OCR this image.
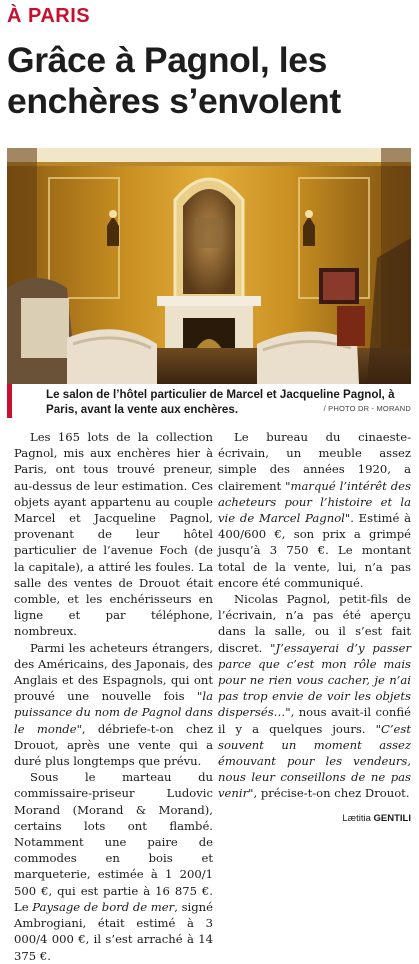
À PARIS
Grâce à Pagnol, les enchères s’envolent
Le salon de l’hôtel particulier de Marcel et Jacqueline Pagnol, à Paris, avant la vente aux enchères.	/ PHOTO DR - MORAND

Les 165 lots de la collection Pagnol, mis aux enchères hier à Paris, ont tous trouvé preneur, au-dessus de leur estimation. Ces objets ayant appartenu au couple Marcel et Jacqueline Pagnol, provenant de leur hôtel particulier de l’avenue Foch (de la capitale), a attiré les foules. La salle des ventes de Drouot était comble, et les enchérisseurs en ligne et par téléphone, nombreux.

Parmi les acheteurs étrangers, des Américains, des Japonais, des Anglais et des Espagnols, qui ont prouvé une nouvelle fois "la puissance du nom de Pagnol dans le monde", débriefe-t-on chez Drouot, après une vente qui a duré plus longtemps que prévu.

Sous le marteau du commissaire-priseur Ludovic Morand (Morand & Morand), certains lots ont flambé. Notamment une paire de commodes en bois et marqueterie, estimée à 1 200/1 500 €, qui est partie à 16 875 €. Le Paysage de bord de mer, signé Ambrogiani, était estimé à 3 000/4 000 €, il s’est arraché à 14 375 €.

Le bureau du cinaeste-écrivain, un meuble assez simple des années 1920, a clairement "marqué l’intérêt des acheteurs pour l’histoire et la vie de Marcel Pagnol". Estimé à 400/600 €, son prix a grimpé jusqu’à 3 750 €. Le montant total de la vente, lui, n’a pas encore été communiqué.

Nicolas Pagnol, petit-fils de l’écrivain, n’a pas été aperçu dans la salle, ou il s’est fait discret. "J’essayerai d’y passer parce que c’est mon rôle mais pour ne rien vous cacher, je n’ai pas trop envie de voir les objets dispersés…", nous avait-il confié il y a quelques jours. "C’est souvent un moment assez émouvant pour les vendeurs, nous leur conseillons de ne pas venir", précise-t-on chez Drouot.

Lætitia GENTILI
